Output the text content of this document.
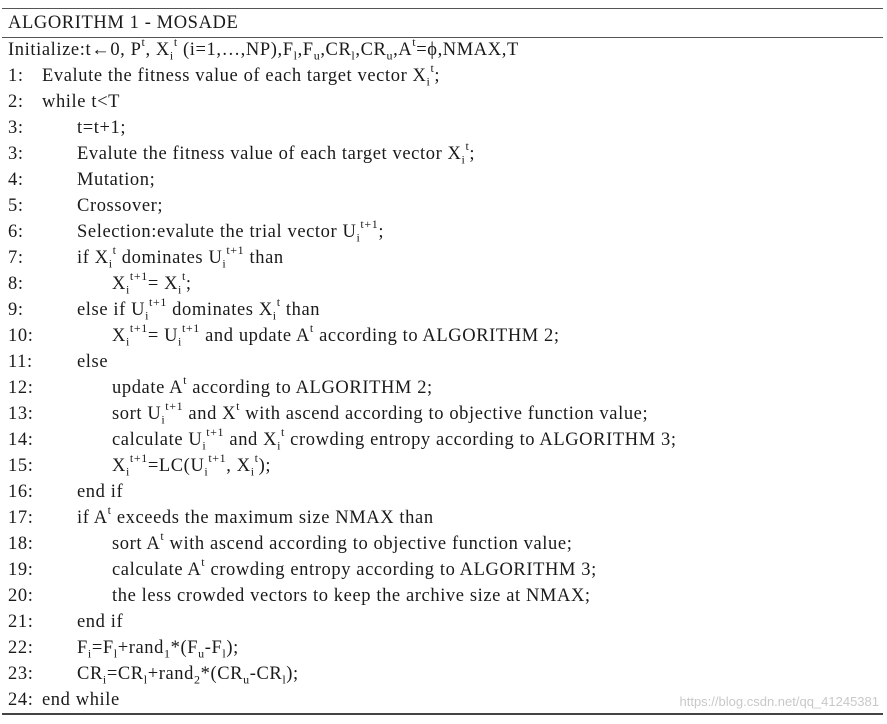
ALGORITHM 1 - MOSADE
Initialize:t←0, $P^t$, $X_i^t$ $(i=1,\dots,NP),F_l,F_u,CR_l,CR_u,A^t=\phi,NMAX,T$
1: Evalute the fitness value of each target vector $X_i^t$;
2: while t<T
3:	t=t+1;
3:	Evalute the fitness value of each target vector $X_i^t$;
4:	Mutation;
5:	Crossover;
6:	Selection:evalute the trial vector $U_i^{t+1}$;
7:	if $X_i^t$ dominates $U_i^{t+1}$ than
8:	$X_i^{t+1}= X_i^t$;
9:	else if $U_i^{t+1}$ dominates $X_i^t$ than
10:	$X_i^{t+1}= U_i^{t+1}$ and update $A^t$ according to ALGORITHM 2;
11: else
12:	update $A^t$ according to ALGORITHM 2;
13:	sort $U_i^{t+1}$ and $X^t$ with ascend according to objective function value;
14:	calculate $U_i^{t+1}$ and $X_i^t$ crowding entropy according to ALGORITHM 3;
15:	$X_i^{t+1}=LC(U_i^{t+1}$, $X_i^t$);
16: end if
17: if $A^t$ exceeds the maximum size NMAX than
18:	sort $A^t$ with ascend according to objective function value;
19:	calculate $A^t$ crowding entropy according to ALGORITHM 3;
20:	the less crowded vectors to keep the archive size at NMAX;
21: end if
22: $F_i=F_l+rand_1*(F_u-F_l)$;
23: $CR_i=CR_l+rand_2*(CR_u-CR_l)$;
24: end while	https://blog.csdn.net/qq_41245381
